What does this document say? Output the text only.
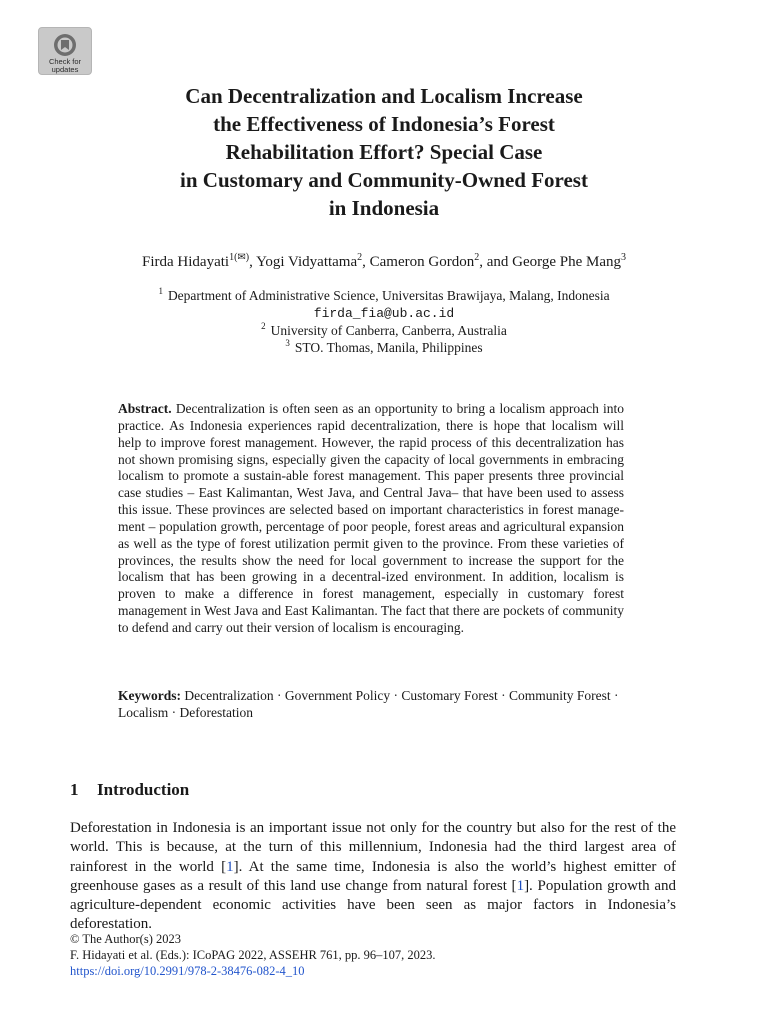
Check for
updates
Can Decentralization and Localism Increase
the Effectiveness of Indonesia’s Forest
Rehabilitation Effort? Special Case
in Customary and Community-Owned Forest
in Indonesia
Firda Hidayati$^{1(✉)}$, Yogi Vidyattama$^2$, Cameron Gordon$^2$, and George Phe Mang$^3$
$^1$ Department of Administrative Science, Universitas Brawijaya, Malang, Indonesia
firda_fia@ub.ac.id
$^2$ University of Canberra, Canberra, Australia
$^3$ STO. Thomas, Manila, Philippines
Abstract. Decentralization is often seen as an opportunity to bring a localism approach into practice. As Indonesia experiences rapid decentralization, there is hope that localism will help to improve forest management. However, the rapid process of this decentralization has not shown promising signs, especially given the capacity of local governments in embracing localism to promote a sustain-able forest management. This paper presents three provincial case studies – East Kalimantan, West Java, and Central Java– that have been used to assess this issue. These provinces are selected based on important characteristics in forest manage-ment – population growth, percentage of poor people, forest areas and agricultural expansion as well as the type of forest utilization permit given to the province. From these varieties of provinces, the results show the need for local government to increase the support for the localism that has been growing in a decentral-ized environment. In addition, localism is proven to make a difference in forest management, especially in customary forest management in West Java and East Kalimantan. The fact that there are pockets of community to defend and carry out their version of localism is encouraging.
Keywords: Decentralization · Government Policy · Customary Forest · Community Forest · Localism · Deforestation
1 Introduction

Deforestation in Indonesia is an important issue not only for the country but also for the rest of the world. This is because, at the turn of this millennium, Indonesia had the third largest area of rainforest in the world [1]. At the same time, Indonesia is also the world’s highest emitter of greenhouse gases as a result of this land use change from natural forest [1]. Population growth and agriculture-dependent economic activities have been seen as major factors in Indonesia’s deforestation.

© The Author(s) 2023
F. Hidayati et al. (Eds.): ICoPAG 2022, ASSEHR 761, pp. 96–107, 2023.
https://doi.org/10.2991/978-2-38476-082-4_10
